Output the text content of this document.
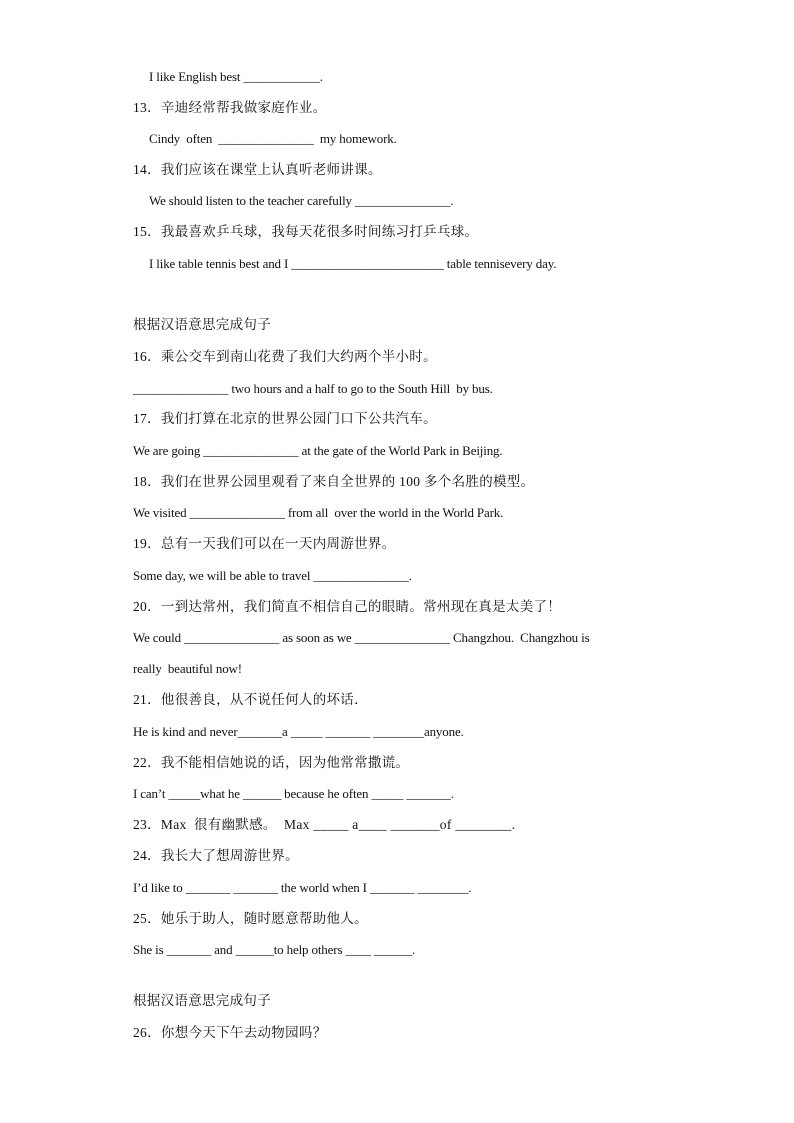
I like English best ____________.
13．辛迪经常帮我做家庭作业。
Cindy  often  _______________  my homework.
14．我们应该在课堂上认真听老师讲课。
We should listen to the teacher carefully _______________.
15．我最喜欢乒乓球，我每天花很多时间练习打乒乓球。
I like table tennis best and I ________________________ table tennisevery day.
根据汉语意思完成句子
16．乘公交车到南山花费了我们大约两个半小时。
_______________ two hours and a half to go to the South Hill  by bus.
17．我们打算在北京的世界公园门口下公共汽车。
We are going _______________ at the gate of the World Park in Beijing.
18．我们在世界公园里观看了来自全世界的 100 多个名胜的模型。
We visited _______________ from all  over the world in the World Park.
19．总有一天我们可以在一天内周游世界。
Some day, we will be able to travel _______________.
20．一到达常州，我们简直不相信自己的眼睛。常州现在真是太美了！
We could _______________ as soon as we _______________ Changzhou.  Changzhou is
really  beautiful now!
21．他很善良，从不说任何人的坏话．
He is kind and never_______a _____ _______ ________anyone.
22．我不能相信她说的话，因为他常常撒谎。
I can’t _____what he ______ because he often _____ _______.
23．Max  很有幽默感。  Max _____ a____ _______of ________.
24．我长大了想周游世界。
I’d like to _______ _______ the world when I _______ ________.
25．她乐于助人，随时愿意帮助他人。
She is _______ and ______to help others ____ ______.
根据汉语意思完成句子
26．你想今天下午去动物园吗？
